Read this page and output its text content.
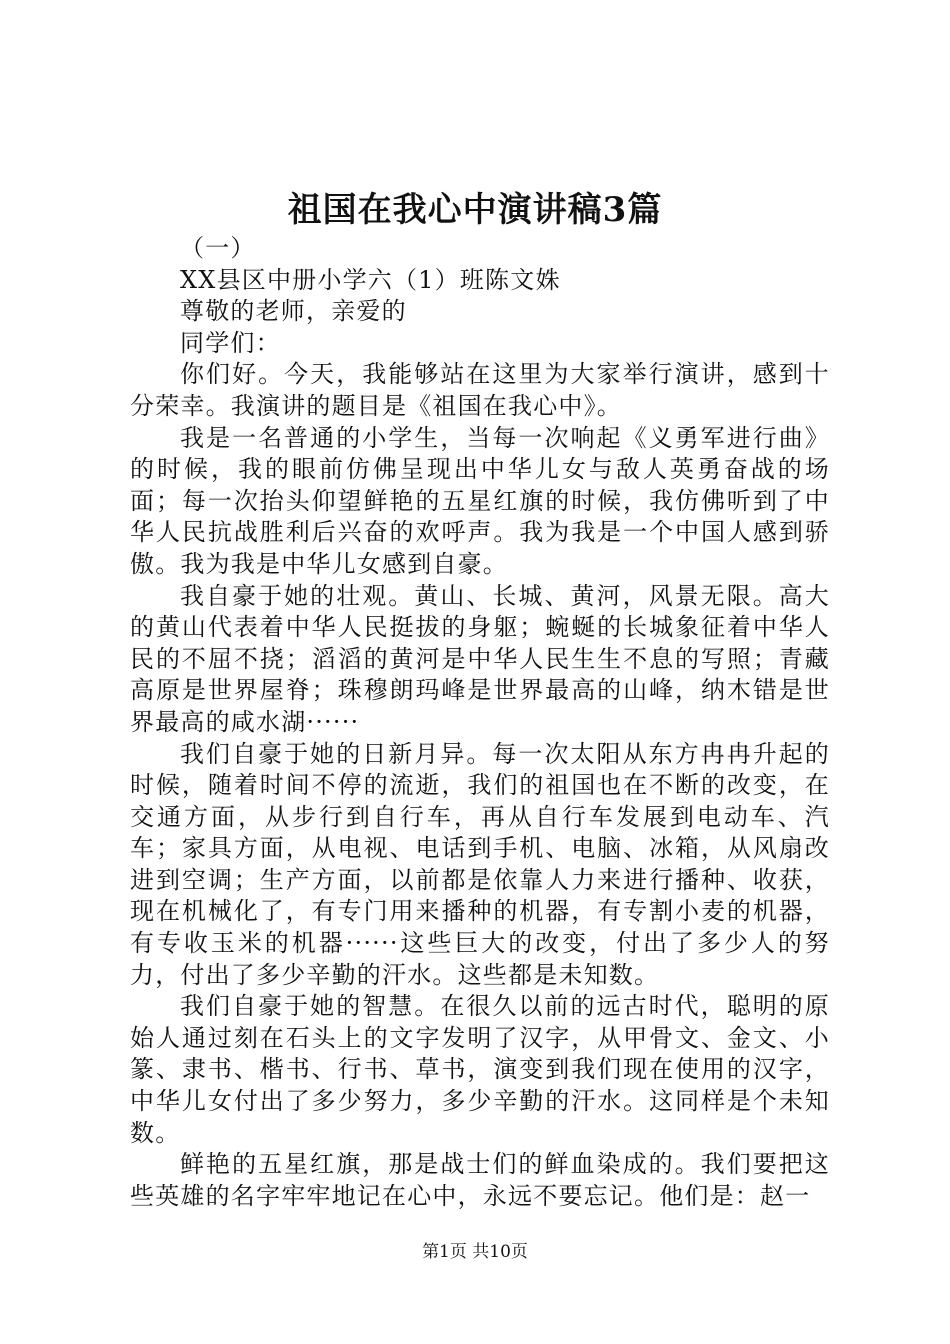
祖国在我心中演讲稿3篇

（一）

XX县区中册小学六（1）班陈文姝

尊敬的老师，亲爱的

同学们：

你们好。今天，我能够站在这里为大家举行演讲，感到十分荣幸。我演讲的题目是《祖国在我心中》。

我是一名普通的小学生，当每一次响起《义勇军进行曲》的时候，我的眼前仿佛呈现出中华儿女与敌人英勇奋战的场面；每一次抬头仰望鲜艳的五星红旗的时候，我仿佛听到了中华人民抗战胜利后兴奋的欢呼声。我为我是一个中国人感到骄傲。我为我是中华儿女感到自豪。

我自豪于她的壮观。黄山、长城、黄河，风景无限。高大的黄山代表着中华人民挺拔的身躯；蜿蜒的长城象征着中华人民的不屈不挠；滔滔的黄河是中华人民生生不息的写照；青藏高原是世界屋脊；珠穆朗玛峰是世界最高的山峰，纳木错是世界最高的咸水湖······

我们自豪于她的日新月异。每一次太阳从东方冉冉升起的时候，随着时间不停的流逝，我们的祖国也在不断的改变，在交通方面，从步行到自行车，再从自行车发展到电动车、汽车；家具方面，从电视、电话到手机、电脑、冰箱，从风扇改进到空调；生产方面，以前都是依靠人力来进行播种、收获，现在机械化了，有专门用来播种的机器，有专割小麦的机器，有专收玉米的机器······这些巨大的改变，付出了多少人的努力，付出了多少辛勤的汗水。这些都是未知数。

我们自豪于她的智慧。在很久以前的远古时代，聪明的原始人通过刻在石头上的文字发明了汉字，从甲骨文、金文、小篆、隶书、楷书、行书、草书，演变到我们现在使用的汉字，中华儿女付出了多少努力，多少辛勤的汗水。这同样是个未知数。

鲜艳的五星红旗，那是战士们的鲜血染成的。我们要把这些英雄的名字牢牢地记在心中，永远不要忘记。他们是：赵一

第1页 共10页
